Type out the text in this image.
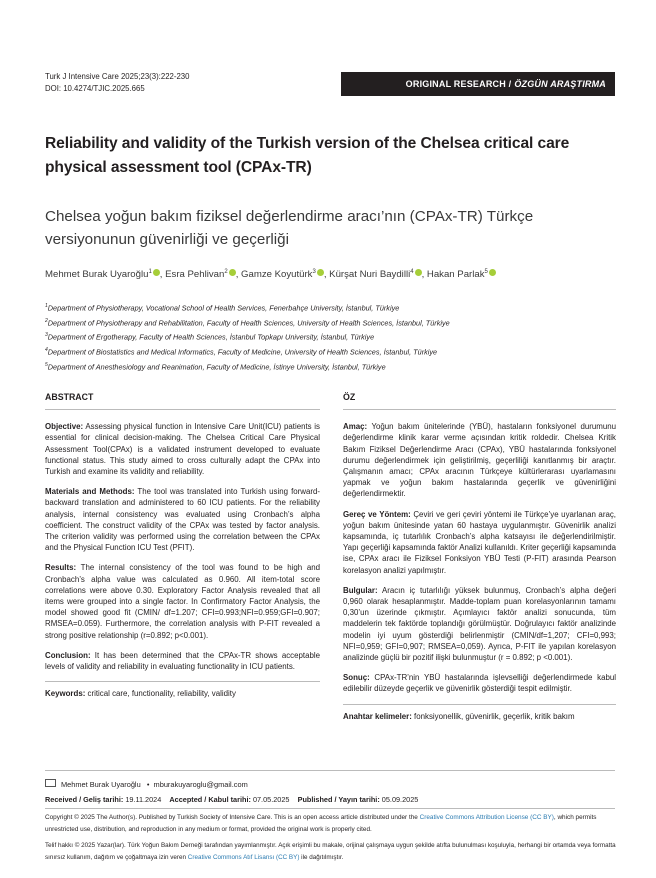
Turk J Intensive Care 2025;23(3):222-230
DOI: 10.4274/TJIC.2025.665	ORIGINAL RESEARCH / ÖZGÜN ARAŞTIRMA
Reliability and validity of the Turkish version of the Chelsea critical care physical assessment tool (CPAx-TR)
Chelsea yoğun bakım fiziksel değerlendirme aracı’nın (CPAx-TR) Türkçe versiyonunun güvenirliği ve geçerliği
Mehmet Burak Uyaroğlu$^1$ , Esra Pehlivan$^2$ , Gamze Koyutürk$^3$ , Kürşat Nuri Baydilli$^4$ , Hakan Parlak$^5$
$^1$Department of Physiotherapy, Vocational School of Health Services, Fenerbahçe University, İstanbul, Türkiye
$^2$Department of Physiotherapy and Rehabilitation, Faculty of Health Sciences, University of Health Sciences, İstanbul, Türkiye
$^3$Department of Ergotherapy, Faculty of Health Sciences, İstanbul Topkapı University, İstanbul, Türkiye
$^4$Department of Biostatistics and Medical Informatics, Faculty of Medicine, University of Health Sciences, İstanbul, Türkiye
$^5$Department of Anesthesiology and Reanimation, Faculty of Medicine, İstinye University, İstanbul, Türkiye
ABSTRACT
Objective: Assessing physical function in Intensive Care Unit(ICU) patients is essential for clinical decision-making. The Chelsea Critical Care Physical Assessment Tool(CPAx) is a validated instrument developed to evaluate functional status. This study aimed to cross culturally adapt the CPAx into Turkish and examine its validity and reliability.
Materials and Methods: The tool was translated into Turkish using forward-backward translation and administered to 60 ICU patients. For the reliability analysis, internal consistency was evaluated using Cronbach’s alpha coefficient. The construct validity of the CPAx was tested by factor analysis. The criterion validity was performed using the correlation between the CPAx and the Physical Function ICU Test (PFIT).
Results: The internal consistency of the tool was found to be high and Cronbach’s alpha value was calculated as 0.960. All item-total score correlations were above 0.30. Exploratory Factor Analysis revealed that all items were grouped into a single factor. In Confirmatory Factor Analysis, the model showed good fit (CMIN/ df=1.207; CFI=0.993;NFI=0.959;GFI=0.907; RMSEA=0.059). Furthermore, the correlation analysis with P-FIT revealed a strong positive relationship (r=0.892; p<0.001).
Conclusion: It has been determined that the CPAx-TR shows acceptable levels of validity and reliability in evaluating functionality in ICU patients.
Keywords: critical care, functionality, reliability, validity
ÖZ
Amaç: Yoğun bakım ünitelerinde (YBÜ), hastaların fonksiyonel durumunu değerlendirme klinik karar verme açısından kritik roldedir. Chelsea Kritik Bakım Fiziksel Değerlendirme Aracı (CPAx), YBÜ hastalarında fonksiyonel durumu değerlendirmek için geliştirilmiş, geçerliliği kanıtlanmış bir araçtır. Çalışmanın amacı; CPAx aracının Türkçeye kültürlerarası uyarlamasını yapmak ve yoğun bakım hastalarında geçerlik ve güvenirliğini değerlendirmektir.
Gereç ve Yöntem: Çeviri ve geri çeviri yöntemi ile Türkçe’ye uyarlanan araç, yoğun bakım ünitesinde yatan 60 hastaya uygulanmıştır. Güvenirlik analizi kapsamında, iç tutarlılık Cronbach’s alpha katsayısı ile değerlendirilmiştir. Yapı geçerliği kapsamında faktör Analizi kullanıldı. Kriter geçerliği kapsamında ise, CPAx aracı ile Fiziksel Fonksiyon YBÜ Testi (P-FIT) arasında Pearson korelasyon analizi yapılmıştır.
Bulgular: Aracın iç tutarlılığı yüksek bulunmuş, Cronbach’s alpha değeri 0,960 olarak hesaplanmıştır. Madde-toplam puan korelasyonlarının tamamı 0,30’un üzerinde çıkmıştır. Açımlayıcı faktör analizi sonucunda, tüm maddelerin tek faktörde toplandığı görülmüştür. Doğrulayıcı faktör analizinde modelin iyi uyum gösterdiği belirlenmiştir (CMIN/df=1,207; CFI=0,993; NFI=0,959; GFI=0,907; RMSEA=0,059). Ayrıca, P-FIT ile yapılan korelasyon analizinde güçlü bir pozitif ilişki bulunmuştur (r = 0.892; p <0.001).
Sonuç: CPAx-TR’nin YBÜ hastalarında işlevselliği değerlendirmede kabul edilebilir düzeyde geçerlik ve güvenirlik gösterdiği tespit edilmiştir.
Anahtar kelimeler: fonksiyonellik, güvenirlik, geçerlik, kritik bakım
Mehmet Burak Uyaroğlu   •  mburakuyaroglu@gmail.com
Received / Geliş tarihi: 19.11.2024 Accepted / Kabul tarihi: 07.05.2025 Published / Yayın tarihi: 05.09.2025
Copyright © 2025 The Author(s). Published by Turkish Society of Intensive Care. This is an open access article distributed under the Creative Commons Attribution License (CC BY), which permits unrestricted use, distribution, and reproduction in any medium or format, provided the original work is properly cited.
Telif hakkı © 2025 Yazar(lar). Türk Yoğun Bakım Derneği tarafından yayımlanmıştır. Açık erişimli bu makale, orijinal çalışmaya uygun şekilde atıfta bulunulması koşuluyla, herhangi bir ortamda veya formatta sınırsız kullanım, dağıtım ve çoğaltmaya izin veren Creative Commons Atıf Lisansı (CC BY) ile dağıtılmıştır.
